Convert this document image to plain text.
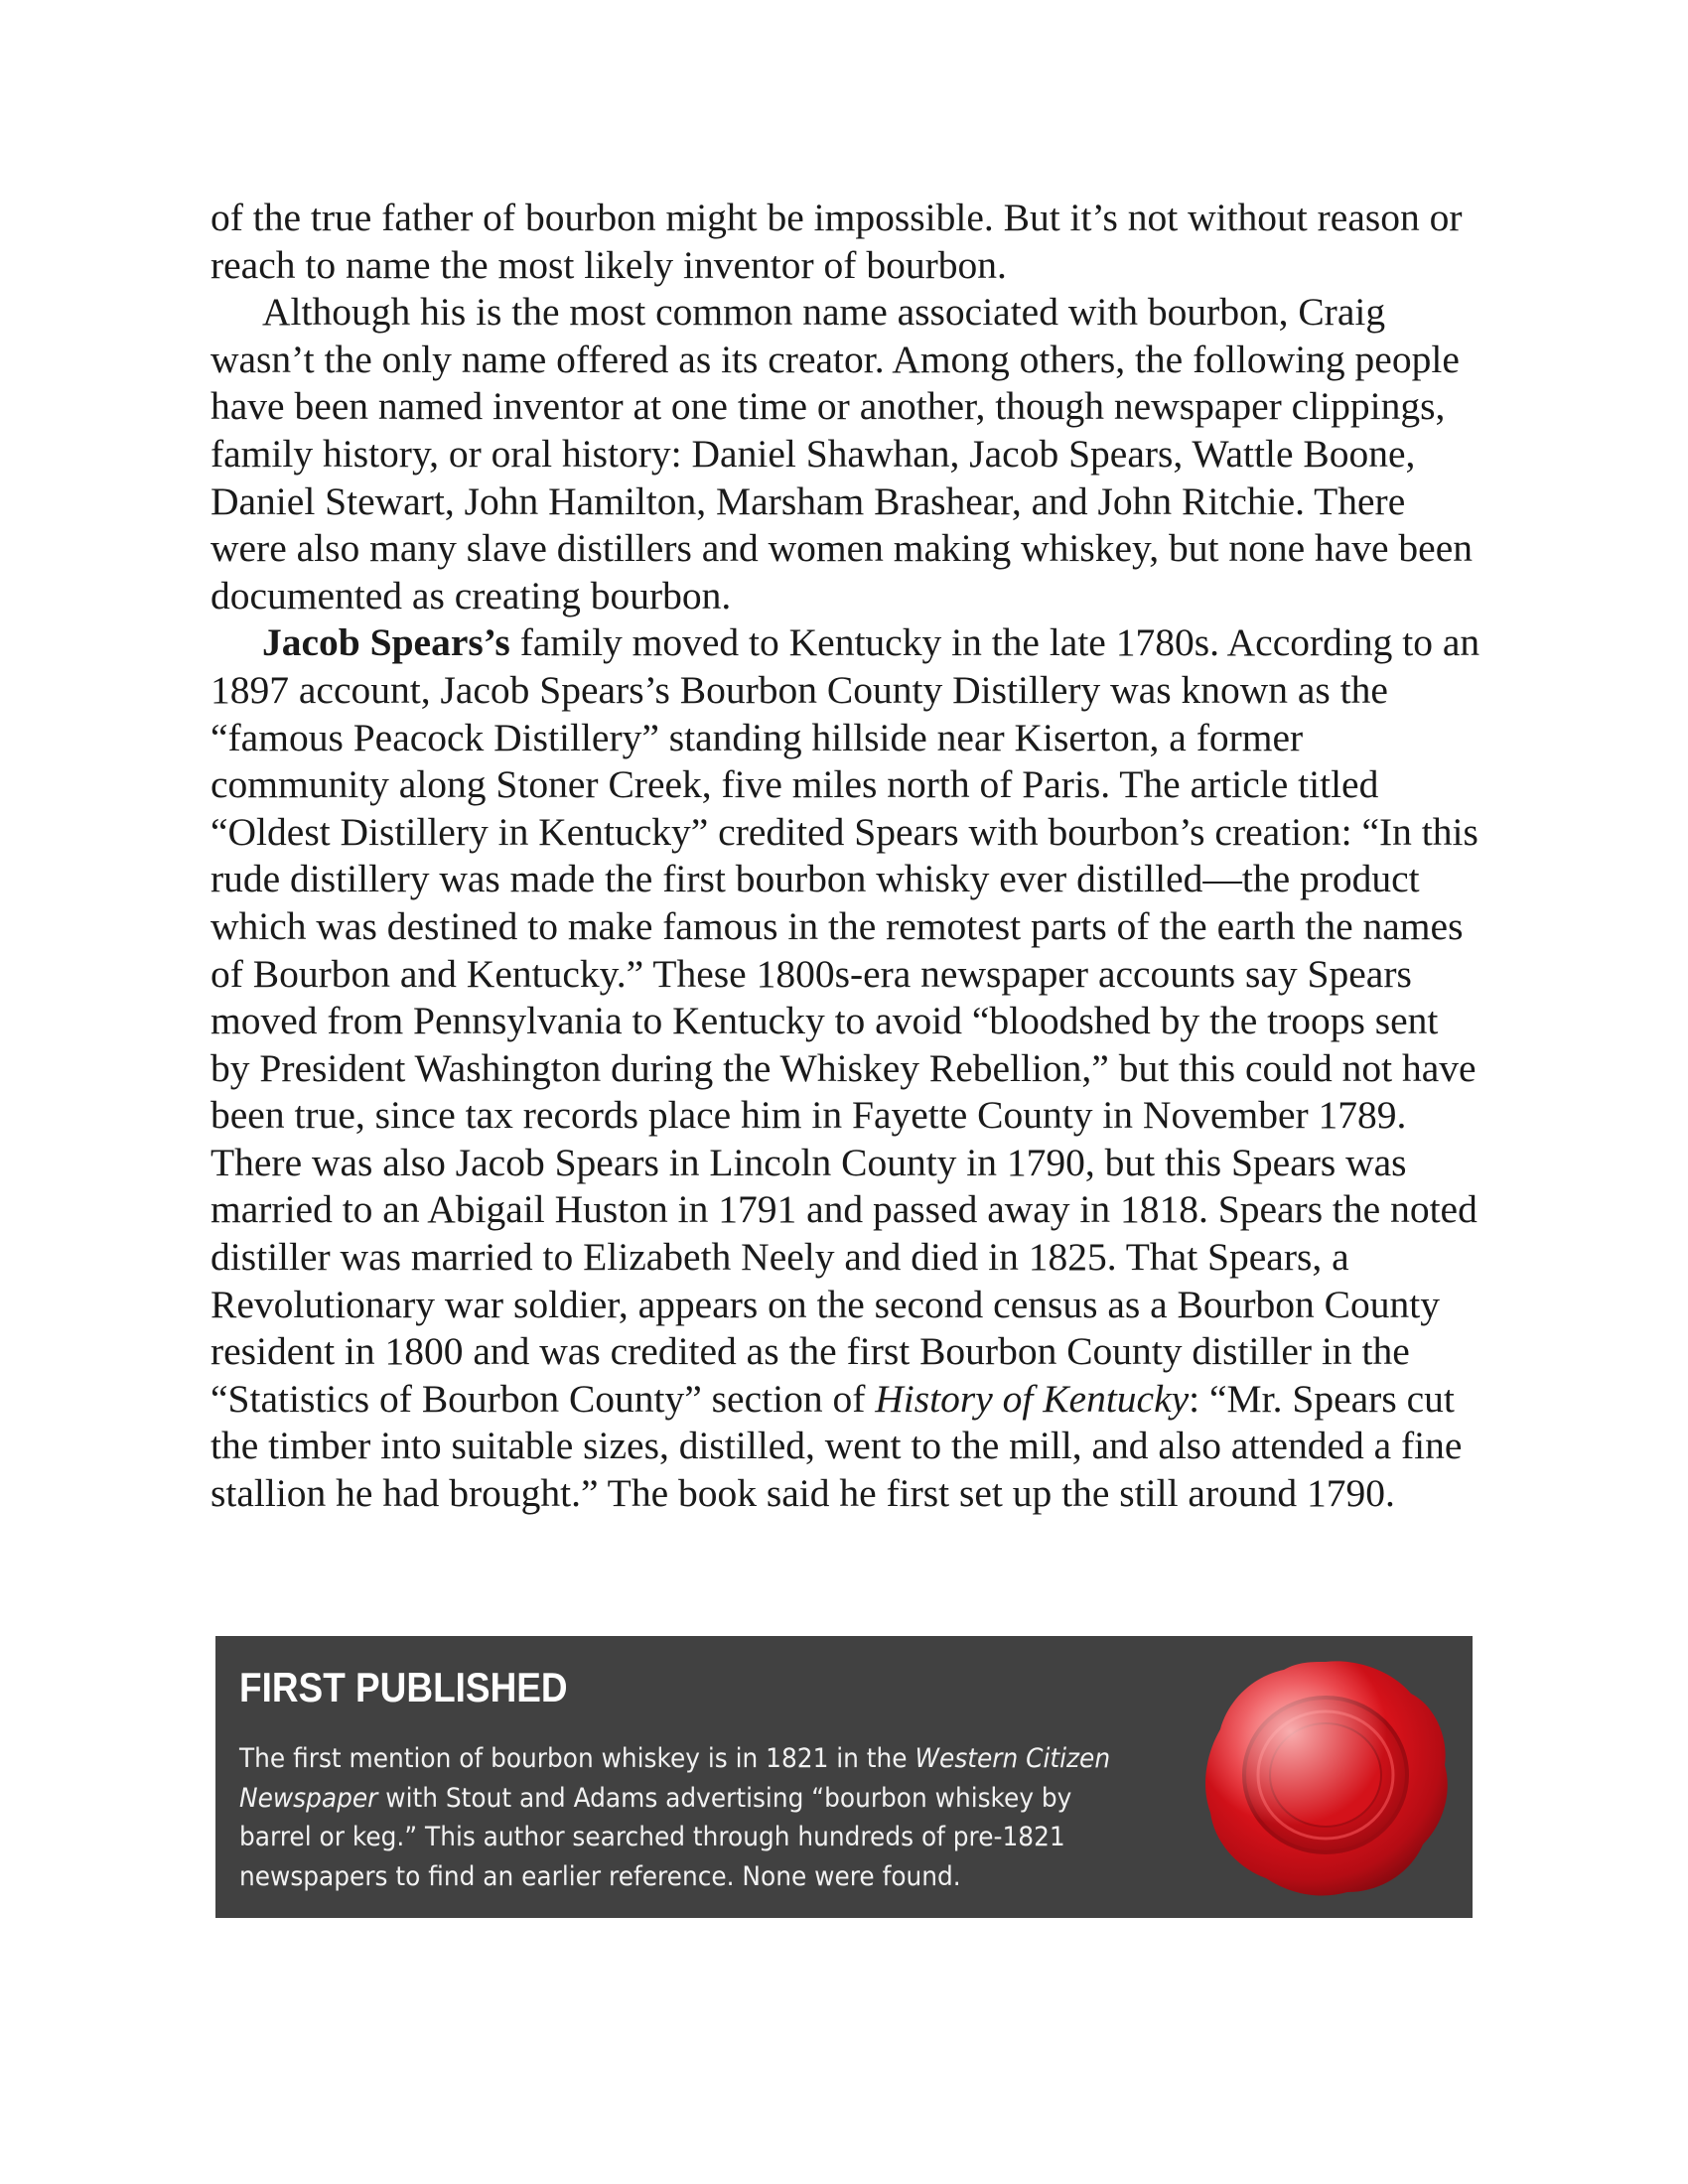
of the true father of bourbon might be impossible. But it’s not without reason or reach to name the most likely inventor of bourbon.

Although his is the most common name associated with bourbon, Craig wasn’t the only name offered as its creator. Among others, the following people have been named inventor at one time or another, though newspaper clippings, family history, or oral history: Daniel Shawhan, Jacob Spears, Wattle Boone, Daniel Stewart, John Hamilton, Marsham Brashear, and John Ritchie. There were also many slave distillers and women making whiskey, but none have been documented as creating bourbon.

Jacob Spears’s family moved to Kentucky in the late 1780s. According to an 1897 account, Jacob Spears’s Bourbon County Distillery was known as the “famous Peacock Distillery” standing hillside near Kiserton, a former community along Stoner Creek, five miles north of Paris. The article titled “Oldest Distillery in Kentucky” credited Spears with bourbon’s creation: “In this rude distillery was made the first bourbon whisky ever distilled—the product which was destined to make famous in the remotest parts of the earth the names of Bourbon and Kentucky.” These 1800s-era newspaper accounts say Spears moved from Pennsylvania to Kentucky to avoid “bloodshed by the troops sent by President Washington during the Whiskey Rebellion,” but this could not have been true, since tax records place him in Fayette County in November 1789. There was also Jacob Spears in Lincoln County in 1790, but this Spears was married to an Abigail Huston in 1791 and passed away in 1818. Spears the noted distiller was married to Elizabeth Neely and died in 1825. That Spears, a Revolutionary war soldier, appears on the second census as a Bourbon County resident in 1800 and was credited as the first Bourbon County distiller in the “Statistics of Bourbon County” section of History of Kentucky: “Mr. Spears cut the timber into suitable sizes, distilled, went to the mill, and also attended a fine stallion he had brought.” The book said he first set up the still around 1790.

FIRST PUBLISHED
The first mention of bourbon whiskey is in 1821 in the Western Citizen Newspaper with Stout and Adams advertising “bourbon whiskey by barrel or keg.” This author searched through hundreds of pre-1821 newspapers to find an earlier reference. None were found.
